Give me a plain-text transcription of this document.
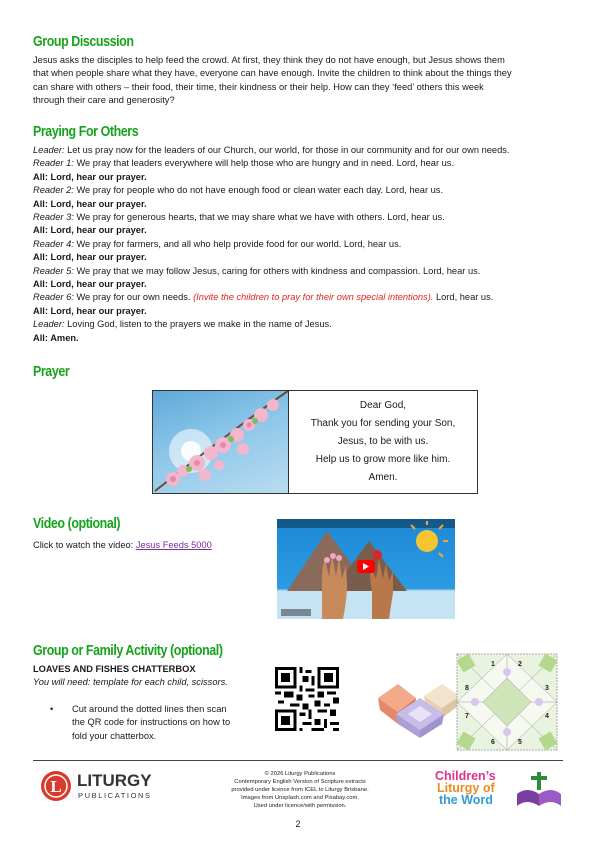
Group Discussion
Jesus asks the disciples to help feed the crowd. At first, they think they do not have enough, but Jesus shows them
that when people share what they have, everyone can have enough. Invite the children to think about the things they
can share with others – their food, their time, their kindness or their help. How can they ‘feed’ others this week
through their care and generosity?
Praying For Others
Leader: Let us pray now for the leaders of our Church, our world, for those in our community and for our own needs.
Reader 1: We pray that leaders everywhere will help those who are hungry and in need. Lord, hear us.
All: Lord, hear our prayer.
Reader 2: We pray for people who do not have enough food or clean water each day. Lord, hear us.
All: Lord, hear our prayer.
Reader 3: We pray for generous hearts, that we may share what we have with others. Lord, hear us.
All: Lord, hear our prayer.
Reader 4: We pray for farmers, and all who help provide food for our world. Lord, hear us.
All: Lord, hear our prayer.
Reader 5: We pray that we may follow Jesus, caring for others with kindness and compassion. Lord, hear us.
All: Lord, hear our prayer.
Reader 6: We pray for our own needs. (Invite the children to pray for their own special intentions). Lord, hear us.
All: Lord, hear our prayer.
Leader: Loving God, listen to the prayers we make in the name of Jesus.
All: Amen.
Prayer
Dear God,
Thank you for sending your Son,
Jesus, to be with us.
Help us to grow more like him.
Amen.
Video (optional)
Click to watch the video: Jesus Feeds 5000
Group or Family Activity (optional)
LOAVES AND FISHES CHATTERBOX
You will need: template for each child, scissors.
• Cut around the dotted lines then scan
the QR code for instructions on how to
fold your chatterbox.
1	2
3
4
5
6
7
8
L LITURGY
PUBLICATIONS
© 2026 Liturgy Publications
Contemporary English Version of Scripture extracts
provided under licence from ICEL to Liturgy Brisbane.
Images from Unsplash.com and Pixabay.com.
Used under licence/with permission.
2
Children’s
Liturgy of
the Word
